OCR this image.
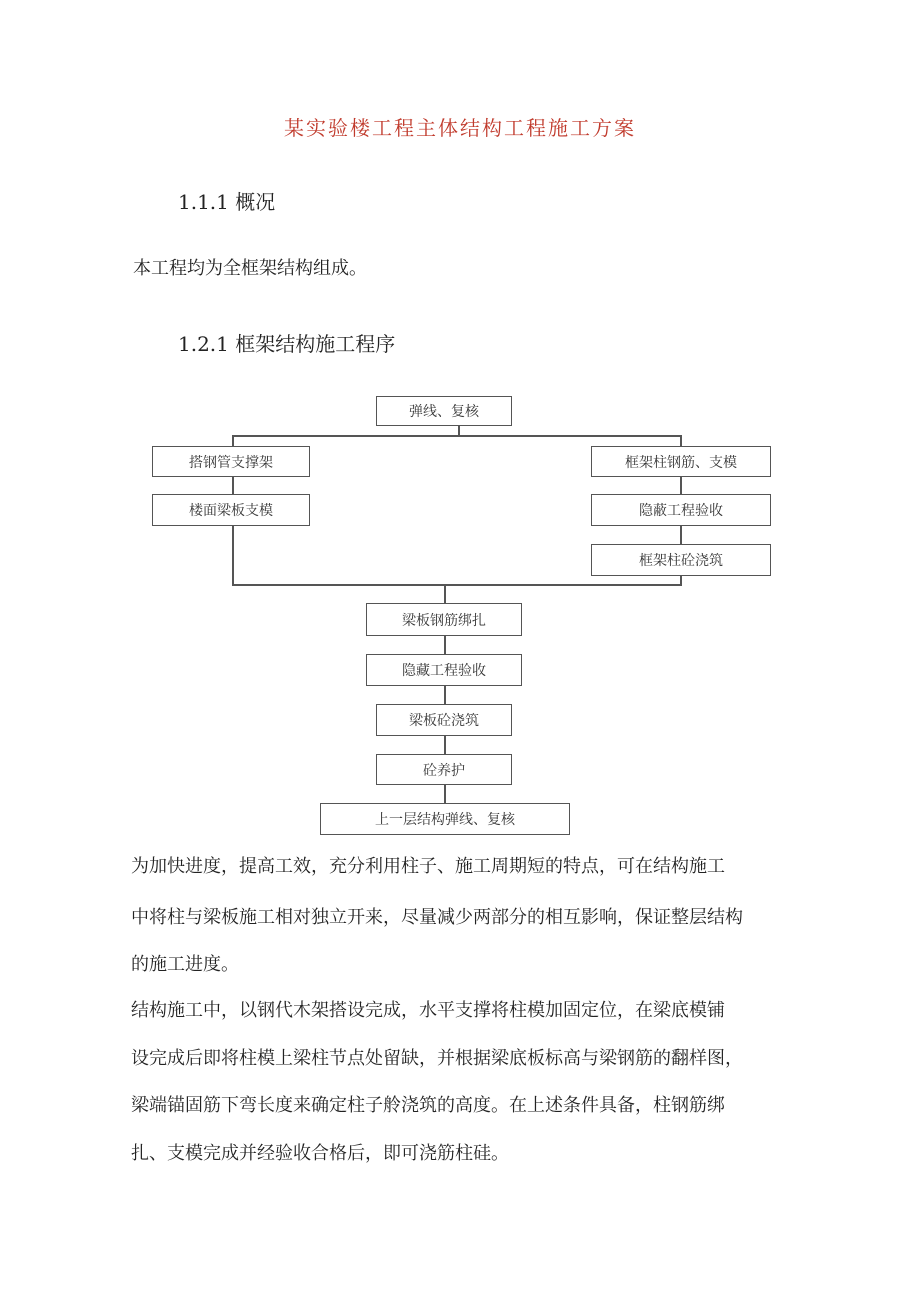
某实验楼工程主体结构工程施工方案
1.1.1 概况
本工程均为全框架结构组成。
1.2.1 框架结构施工程序
弹线、复核
搭钢管支撑架
楼面梁板支模
框架柱钢筋、支模
隐蔽工程验收
框架柱砼浇筑
梁板钢筋绑扎
隐藏工程验收
梁板砼浇筑
砼养护
上一层结构弹线、复核
为加快进度，提高工效，充分利用柱子、施工周期短的特点，可在结构施工
中将柱与梁板施工相对独立开来，尽量减少两部分的相互影响，保证整层结构
的施工进度。
结构施工中，以钢代木架搭设完成，水平支撑将柱模加固定位，在梁底模铺
设完成后即将柱模上梁柱节点处留缺，并根据梁底板标高与梁钢筋的翻样图，
梁端锚固筋下弯长度来确定柱子舲浇筑的高度。在上述条件具备，柱钢筋绑
扎、支模完成并经验收合格后，即可浇筋柱硅。
